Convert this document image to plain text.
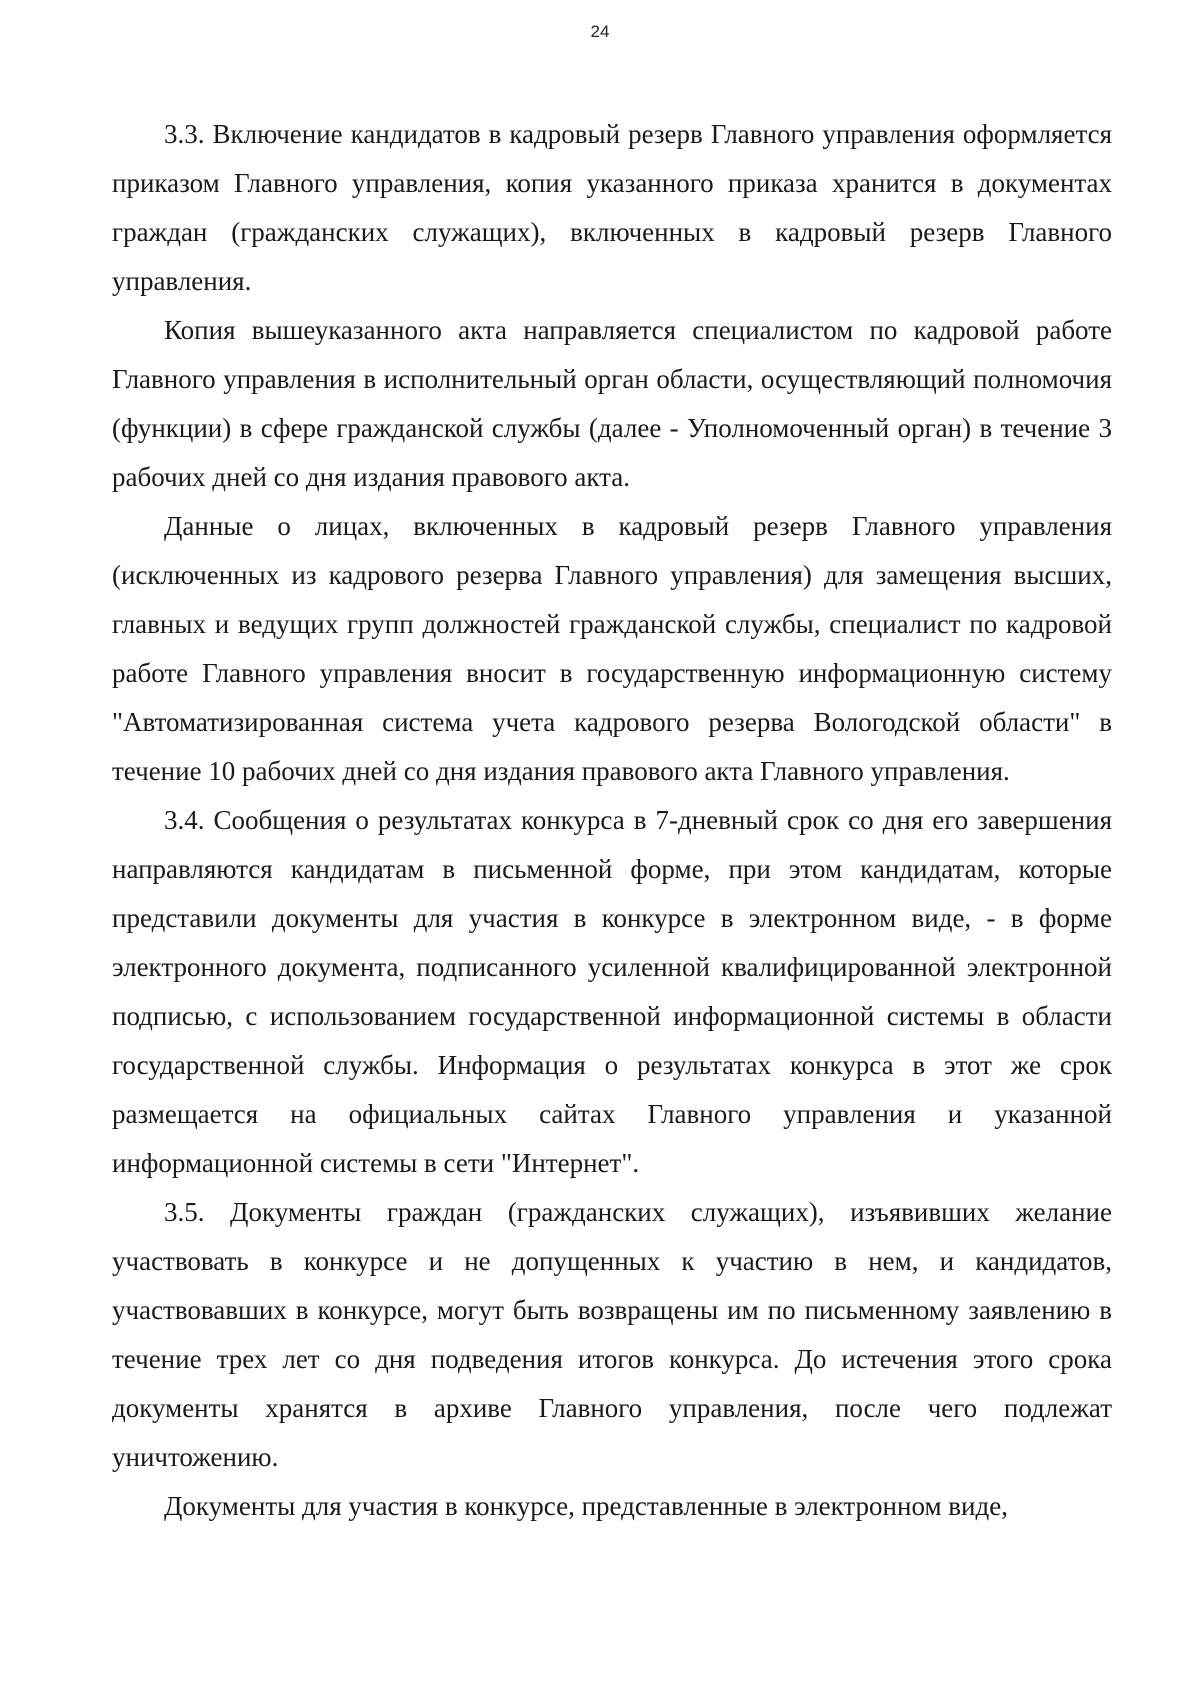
24

3.3. Включение кандидатов в кадровый резерв Главного управления оформляется приказом Главного управления, копия указанного приказа хранится в документах граждан (гражданских служащих), включенных в кадровый резерв Главного управления.

Копия вышеуказанного акта направляется специалистом по кадровой работе Главного управления в исполнительный орган области, осуществляющий полномочия (функции) в сфере гражданской службы (далее - Уполномоченный орган) в течение 3 рабочих дней со дня издания правового акта.

Данные о лицах, включенных в кадровый резерв Главного управления (исключенных из кадрового резерва Главного управления) для замещения высших, главных и ведущих групп должностей гражданской службы, специалист по кадровой работе Главного управления вносит в государственную информационную систему "Автоматизированная система учета кадрового резерва Вологодской области" в течение 10 рабочих дней со дня издания правового акта Главного управления.

3.4. Сообщения о результатах конкурса в 7-дневный срок со дня его завершения направляются кандидатам в письменной форме, при этом кандидатам, которые представили документы для участия в конкурсе в электронном виде, - в форме электронного документа, подписанного усиленной квалифицированной электронной подписью, с использованием государственной информационной системы в области государственной службы. Информация о результатах конкурса в этот же срок размещается на официальных сайтах Главного управления и указанной информационной системы в сети "Интернет".

3.5. Документы граждан (гражданских служащих), изъявивших желание участвовать в конкурсе и не допущенных к участию в нем, и кандидатов, участвовавших в конкурсе, могут быть возвращены им по письменному заявлению в течение трех лет со дня подведения итогов конкурса. До истечения этого срока документы хранятся в архиве Главного управления, после чего подлежат уничтожению.

Документы для участия в конкурсе, представленные в электронном виде,
